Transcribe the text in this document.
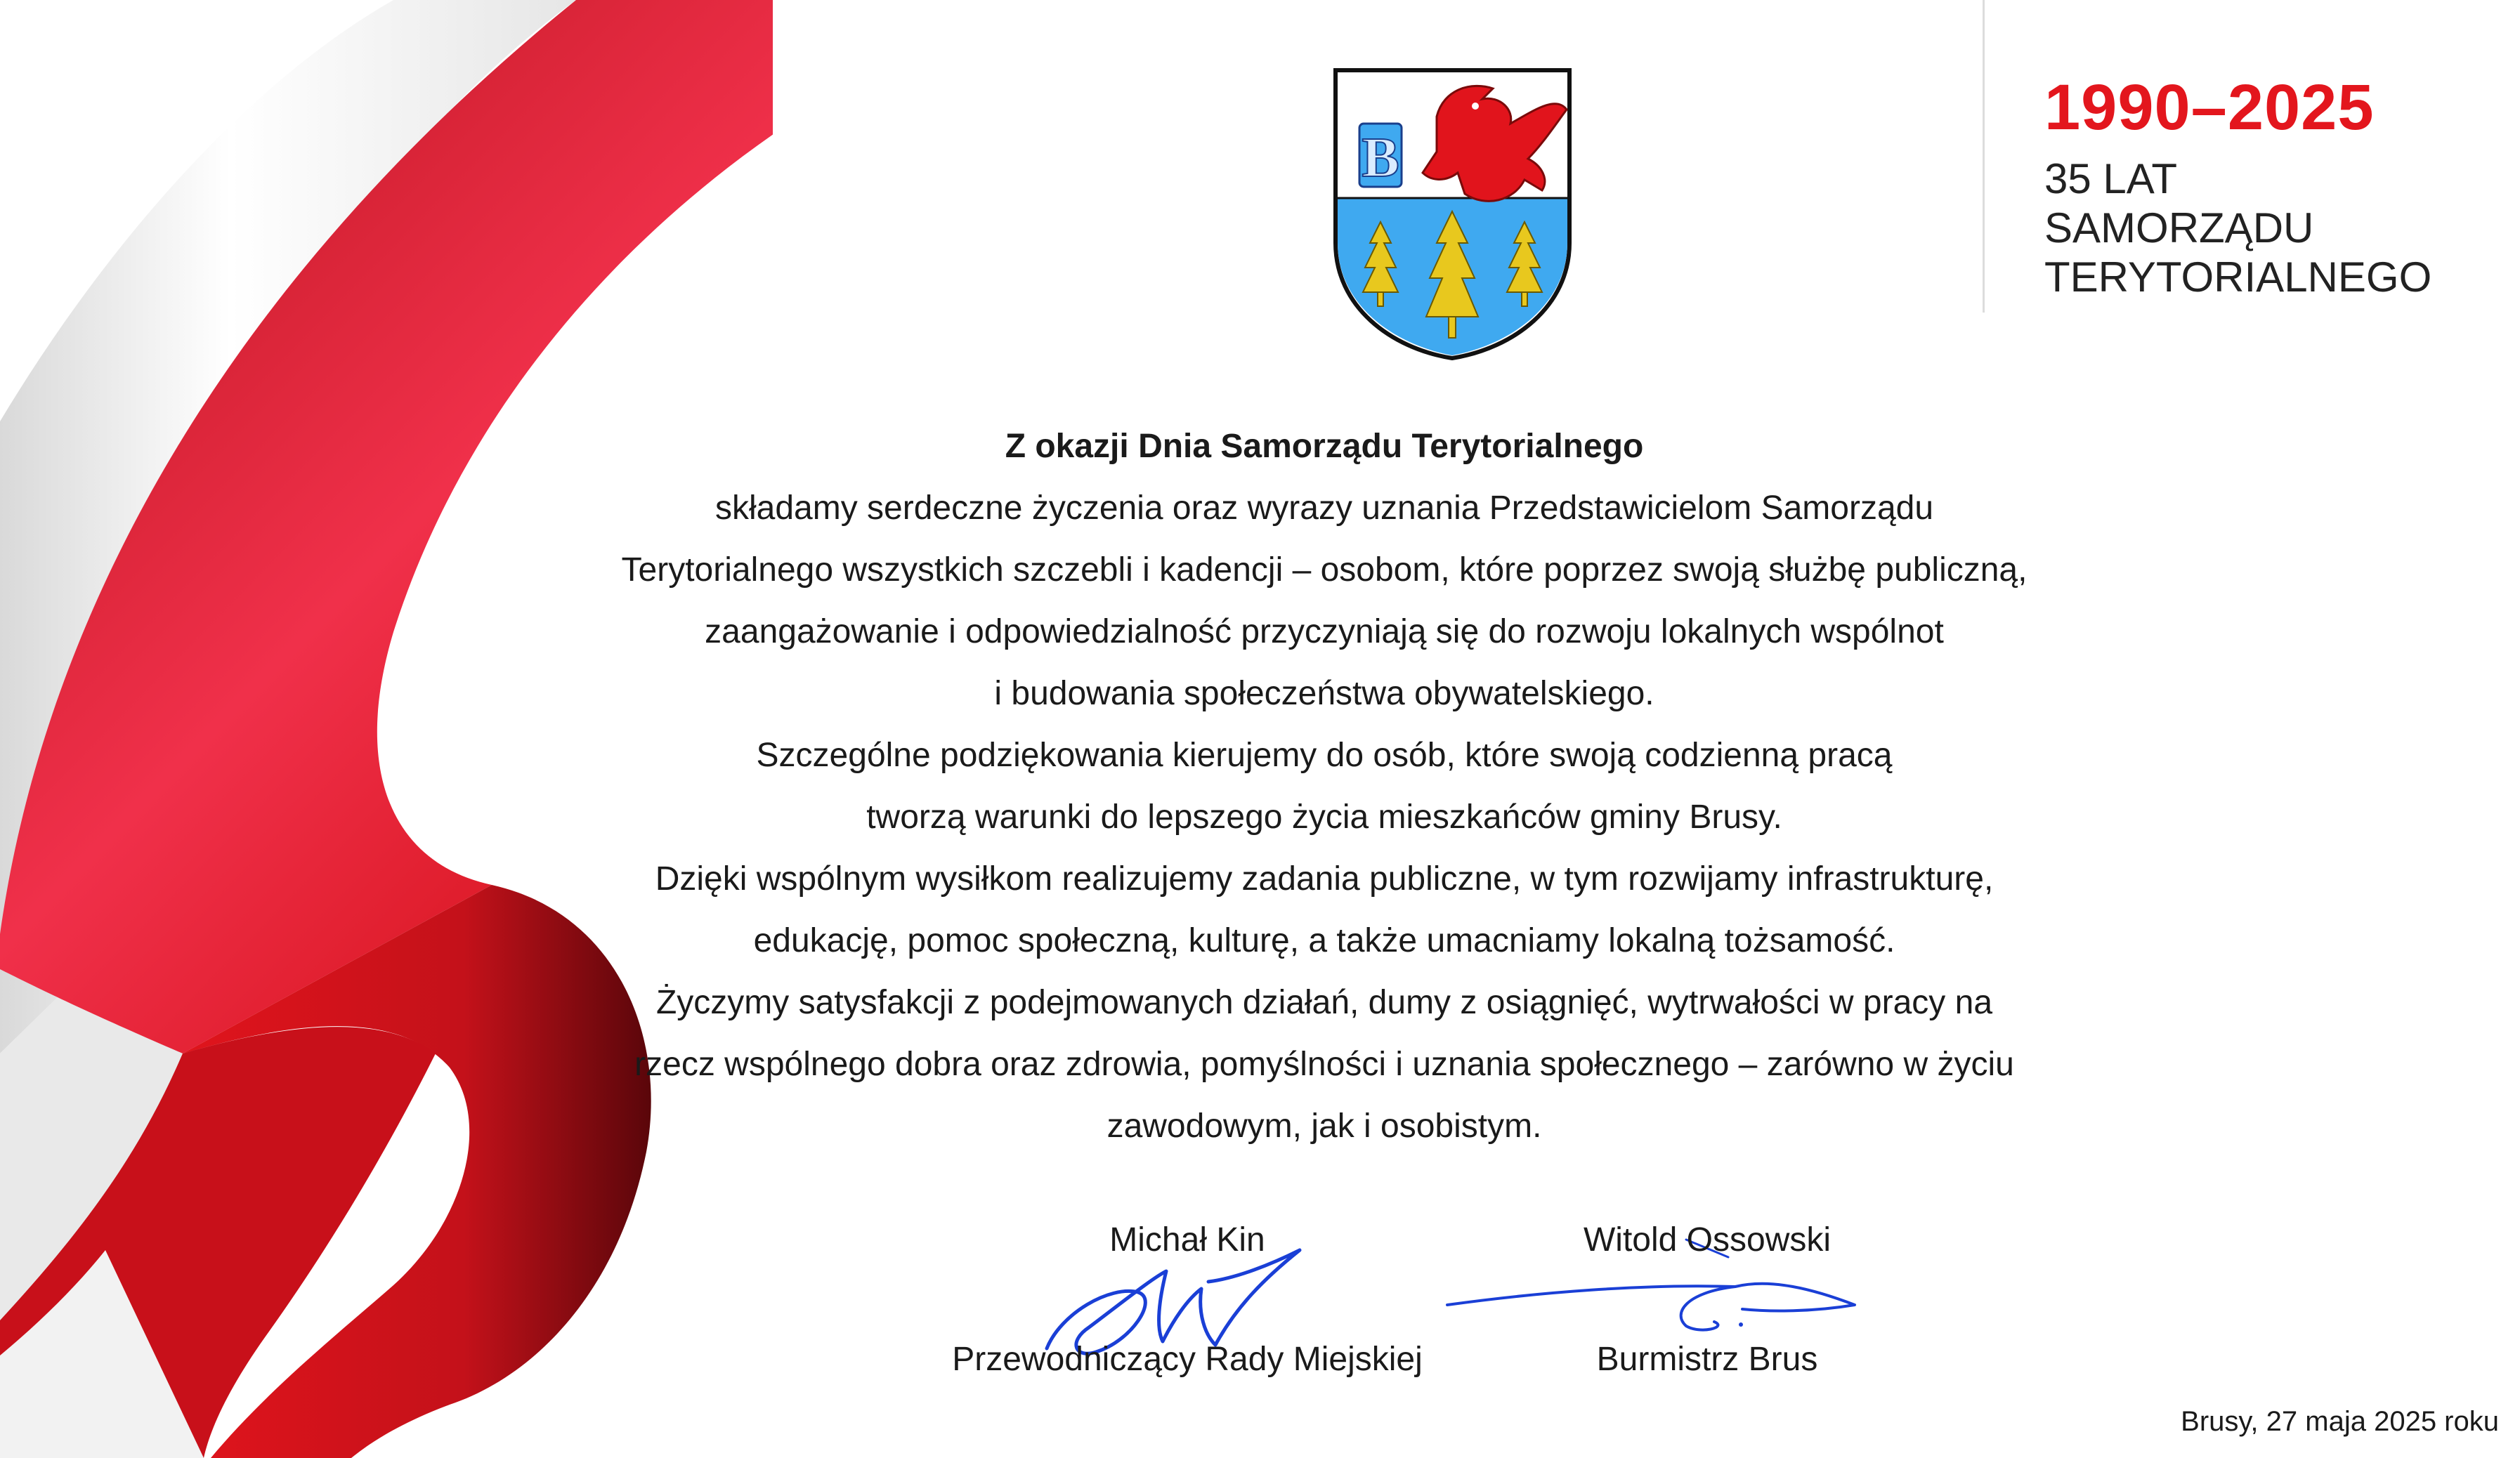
B
1990–2025
35 LAT
SAMORZĄDU
TERYTORIALNEGO
Z okazji Dnia Samorządu Terytorialnego
składamy serdeczne życzenia oraz wyrazy uznania Przedstawicielom Samorządu
Terytorialnego wszystkich szczebli i kadencji – osobom, które poprzez swoją służbę publiczną,
zaangażowanie i odpowiedzialność przyczyniają się do rozwoju lokalnych wspólnot
i budowania społeczeństwa obywatelskiego.
Szczególne podziękowania kierujemy do osób, które swoją codzienną pracą
tworzą warunki do lepszego życia mieszkańców gminy Brusy.
Dzięki wspólnym wysiłkom realizujemy zadania publiczne, w tym rozwijamy infrastrukturę,
edukację, pomoc społeczną, kulturę, a także umacniamy lokalną tożsamość.
Życzymy satysfakcji z podejmowanych działań, dumy z osiągnięć, wytrwałości w pracy na
rzecz wspólnego dobra oraz zdrowia, pomyślności i uznania społecznego – zarówno w życiu
zawodowym, jak i osobistym.
Michał Kin
Przewodniczący Rady Miejskiej
Witold Ossowski
Burmistrz Brus
Brusy, 27 maja 2025 roku
